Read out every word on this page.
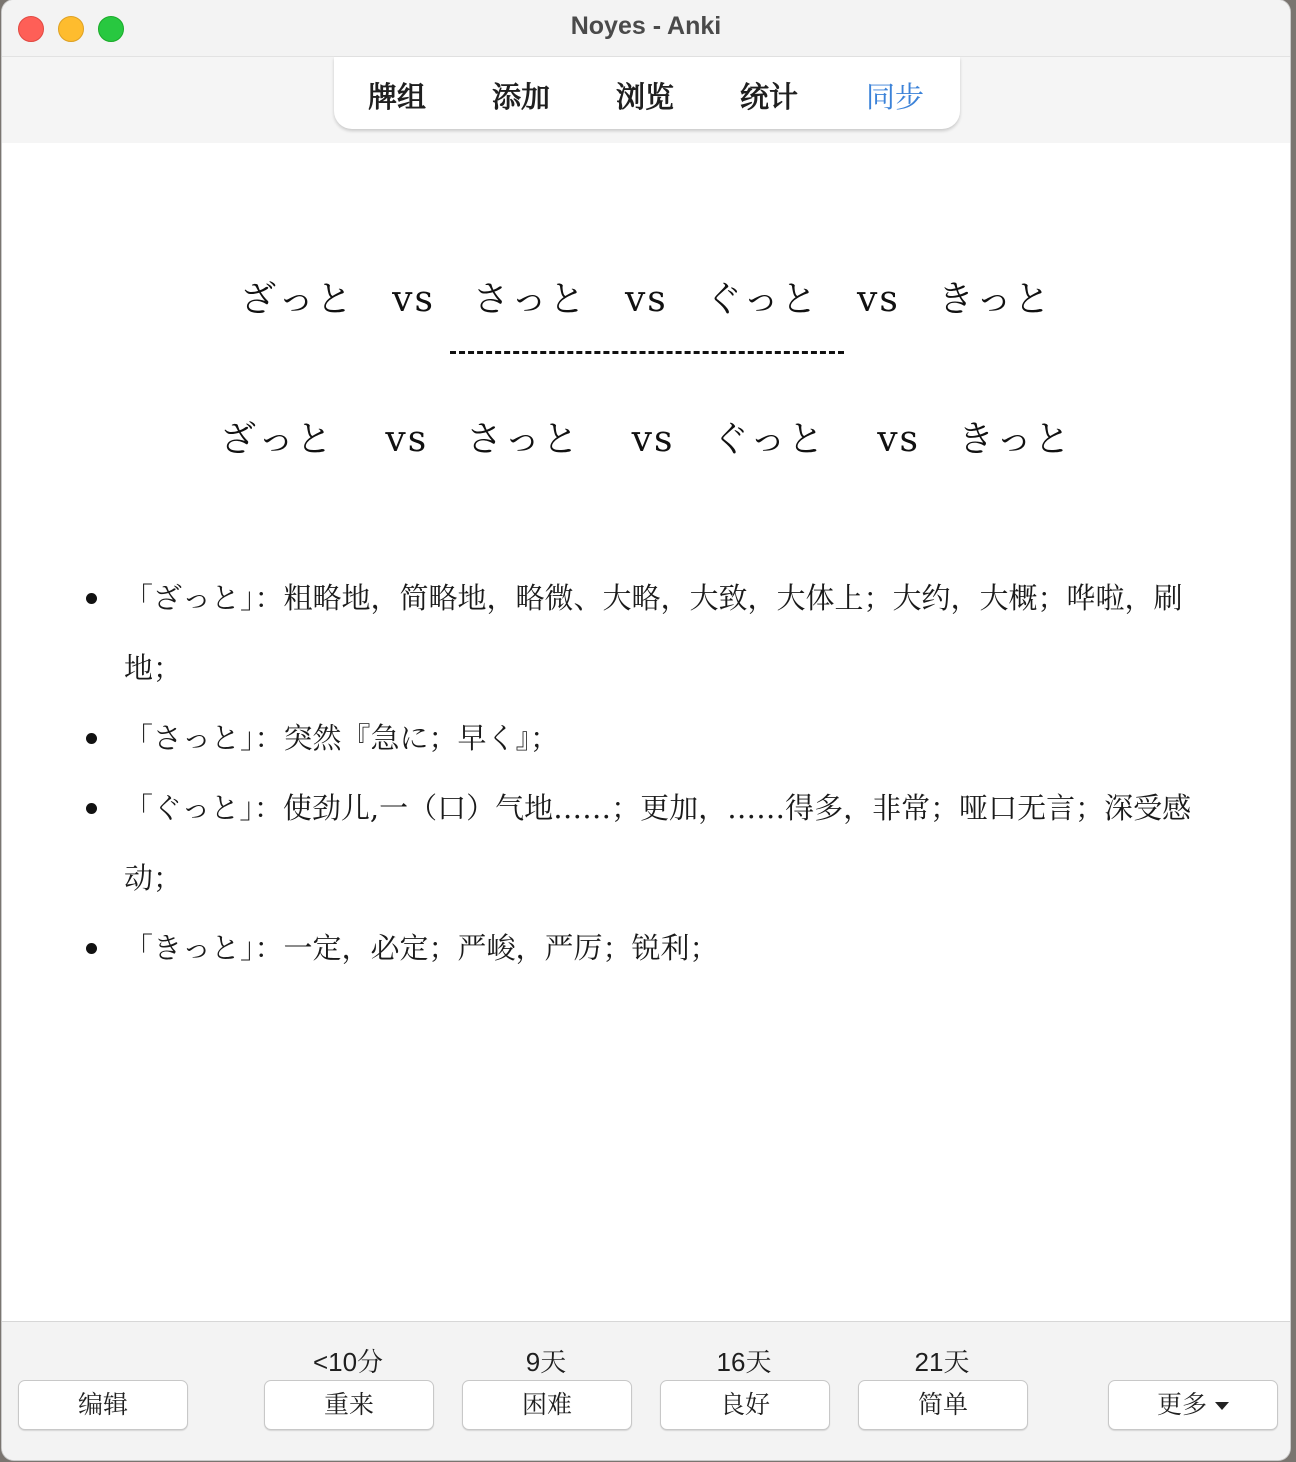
Noyes - Anki
牌组 添加 浏览 统计 同步
ざっと　vs　さっと　vs　ぐっと　vs　きっと
ざっと　 vs　さっと　 vs　ぐっと　 vs　きっと
「ざっと」：粗略地，简略地，略微、大略，大致，大体上；大约，大概；哗啦，刷地；
「さっと」：突然『急に；早く』；
「ぐっと」：使劲儿,一（口）气地……；更加，……得多，非常；哑口无言；深受感动；
「きっと」：一定，必定；严峻，严厉；锐利；
编辑
<10分
重来
9天
困难
16天
良好
21天
简单	更多
